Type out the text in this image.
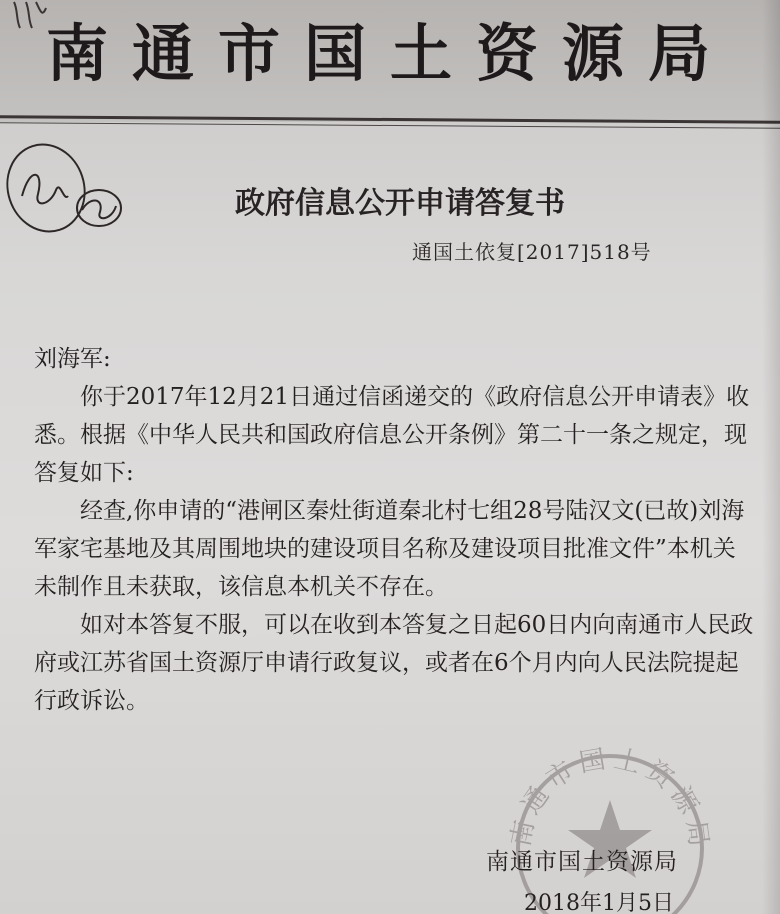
南通市国土资源局
政府信息公开申请答复书
通国土依复[2017]518号

刘海军:

你于2017年12月21日通过信函递交的《政府信息公开申请表》收悉。根据《中华人民共和国政府信息公开条例》第二十一条之规定，现答复如下:

经查,你申请的“港闸区秦灶街道秦北村七组28号陆汉文(已故)刘海军家宅基地及其周围地块的建设项目名称及建设项目批准文件”本机关未制作且未获取，该信息本机关不存在。

如对本答复不服，可以在收到本答复之日起60日内向南通市人民政府或江苏省国土资源厅申请行政复议，或者在6个月内向人民法院提起行政诉讼。

南通市国土资源局
南通市国土资源局
2018年1月5日
